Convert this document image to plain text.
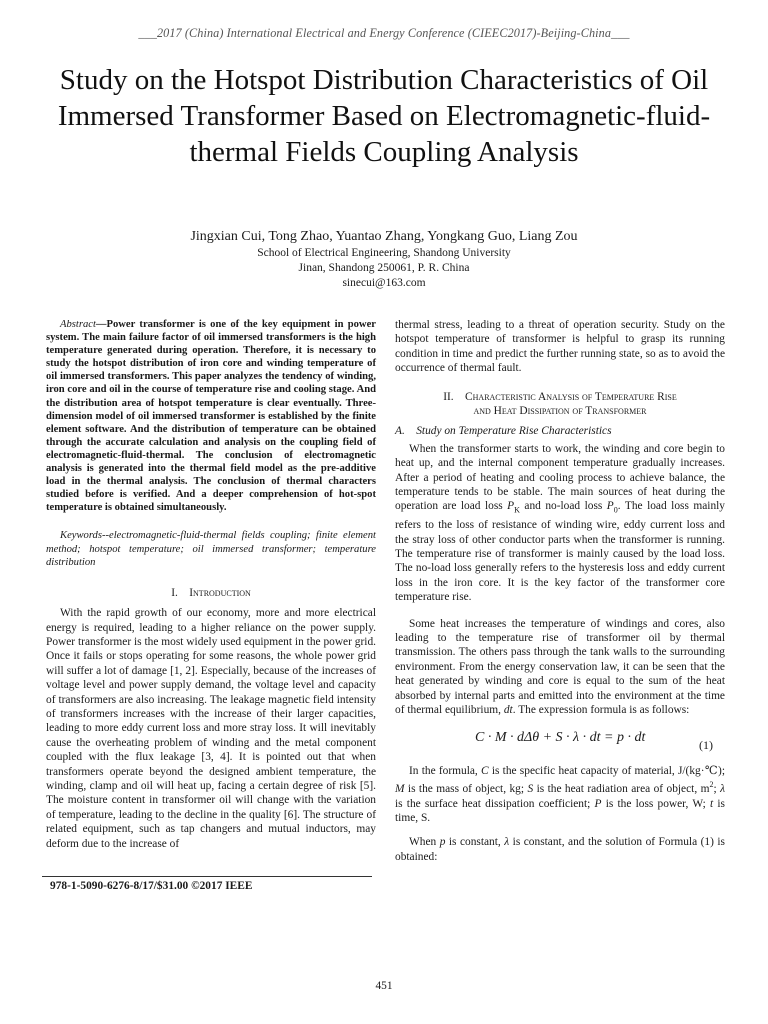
___2017 (China) International Electrical and Energy Conference (CIEEC2017)-Beijing-China___
Study on the Hotspot Distribution Characteristics of Oil Immersed Transformer Based on Electromagnetic-fluid-thermal Fields Coupling Analysis
Jingxian Cui, Tong Zhao, Yuantao Zhang, Yongkang Guo, Liang Zou
School of Electrical Engineering, Shandong University
Jinan, Shandong 250061, P. R. China
sinecui@163.com

Abstract—Power transformer is one of the key equipment in power system. The main failure factor of oil immersed transformers is the high temperature generated during operation. Therefore, it is necessary to study the hotspot distribution of iron core and winding temperature of oil immersed transformers. This paper analyzes the tendency of winding, iron core and oil in the course of temperature rise and cooling stage. And the distribution area of hotspot temperature is clear eventually. Three-dimension model of oil immersed transformer is established by the finite element software. And the distribution of temperature can be obtained through the accurate calculation and analysis on the coupling field of electromagnetic-fluid-thermal. The conclusion of electromagnetic analysis is generated into the thermal field model as the pre-additive load in the thermal analysis. The conclusion of thermal characters studied before is verified. And a deeper comprehension of hot-spot temperature is obtained simultaneously.

Keywords--electromagnetic-fluid-thermal fields coupling; finite element method; hotspot temperature; oil immersed transformer; temperature distribution

I. Introduction

With the rapid growth of our economy, more and more electrical energy is required, leading to a higher reliance on the power supply. Power transformer is the most widely used equipment in the power grid. Once it fails or stops operating for some reasons, the whole power grid will suffer a lot of damage [1, 2]. Especially, because of the increases of voltage level and power supply demand, the voltage level and capacity of transformers are also increasing. The leakage magnetic field intensity of transformers increases with the increase of their larger capacities, leading to more eddy current loss and more stray loss. It will inevitably cause the overheating problem of winding and the metal component coupled with the flux leakage [3, 4]. It is pointed out that when transformers operate beyond the designed ambient temperature, the winding, clamp and oil will heat up, facing a certain degree of risk [5]. The moisture content in transformer oil will change with the variation of temperature, leading to the decline in the quality [6]. The structure of related equipment, such as tap changers and mutual inductors, may deform due to the increase of

978-1-5090-6276-8/17/$31.00 ©2017 IEEE

thermal stress, leading to a threat of operation security. Study on the hotspot temperature of transformer is helpful to grasp its running condition in time and predict the further running state, so as to avoid the occurrence of thermal fault.

II. Characteristic Analysis of Temperature Rise
and Heat Dissipation of Transformer

A. Study on Temperature Rise Characteristics

When the transformer starts to work, the winding and core begin to heat up, and the internal component temperature gradually increases. After a period of heating and cooling process to achieve balance, the temperature tends to be stable. The main sources of heat during the operation are load loss $P_K$ and no-load loss $P_0$. The load loss mainly refers to the loss of resistance of winding wire, eddy current loss and the stray loss of other conductor parts when the transformer is running. The temperature rise of transformer is mainly caused by the load loss. The no-load loss generally refers to the hysteresis loss and eddy current loss in the iron core. It is the key factor of the transformer core temperature rise.

Some heat increases the temperature of windings and cores, also leading to the temperature rise of transformer oil by thermal transmission. The others pass through the tank walls to the surrounding environment. From the energy conservation law, it can be seen that the heat generated by winding and core is equal to the sum of the heat absorbed by internal parts and emitted into the environment at the time of thermal equilibrium, dt. The expression formula is as follows:

C · M · dΔθ + S · λ · dt = p · dt	(1)

In the formula, C is the specific heat capacity of material, J/(kg·℃); M is the mass of object, kg; S is the heat radiation area of object, $m^2$; λ is the surface heat dissipation coefficient; P is the loss power, W; t is time, S.

When p is constant, λ is constant, and the solution of Formula (1) is obtained:

451
